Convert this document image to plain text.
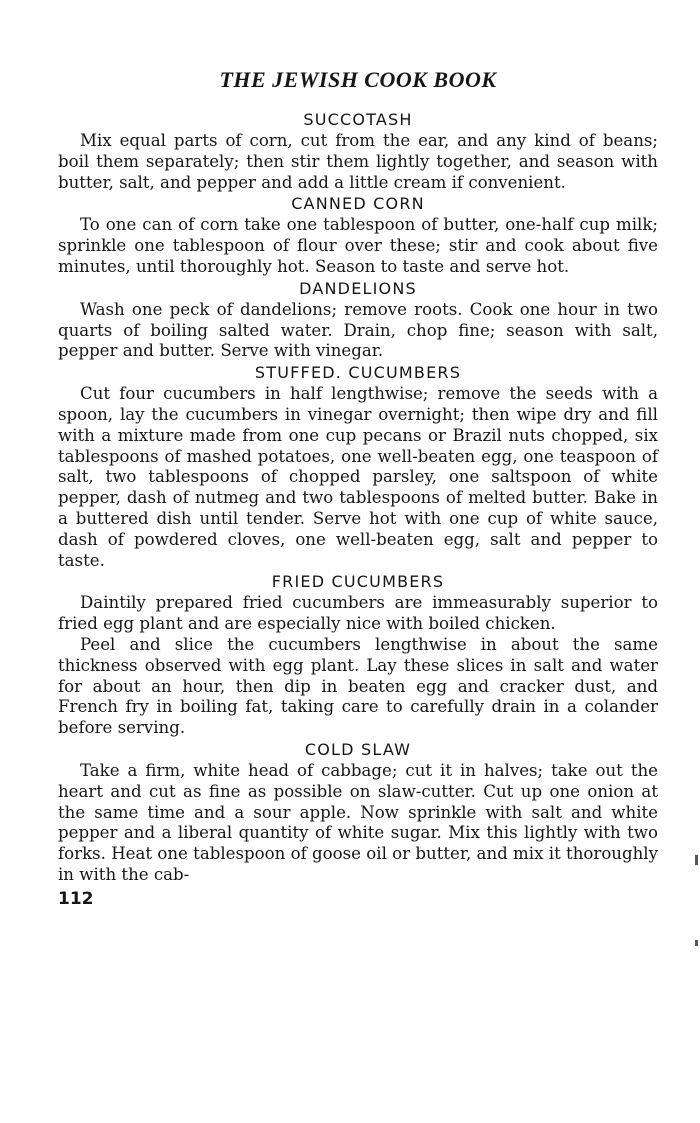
THE JEWISH COOK BOOK
SUCCOTASH

Mix equal parts of corn, cut from the ear, and any kind of beans; boil them separately; then stir them lightly together, and season with butter, salt, and pepper and add a little cream if convenient.

CANNED CORN

To one can of corn take one tablespoon of butter, one-half cup milk; sprinkle one tablespoon of flour over these; stir and cook about five minutes, until thoroughly hot. Season to taste and serve hot.

DANDELIONS

Wash one peck of dandelions; remove roots. Cook one hour in two quarts of boiling salted water. Drain, chop fine; season with salt, pepper and butter. Serve with vinegar.

STUFFED. CUCUMBERS

Cut four cucumbers in half lengthwise; remove the seeds with a spoon, lay the cucumbers in vinegar overnight; then wipe dry and fill with a mixture made from one cup pecans or Brazil nuts chopped, six tablespoons of mashed potatoes, one well-beaten egg, one teaspoon of salt, two tablespoons of chopped parsley, one saltspoon of white pepper, dash of nutmeg and two tablespoons of melted butter. Bake in a buttered dish until tender. Serve hot with one cup of white sauce, dash of powdered cloves, one well-beaten egg, salt and pepper to taste.

FRIED CUCUMBERS

Daintily prepared fried cucumbers are immeasurably superior to fried egg plant and are especially nice with boiled chicken.

Peel and slice the cucumbers lengthwise in about the same thickness observed with egg plant. Lay these slices in salt and water for about an hour, then dip in beaten egg and cracker dust, and French fry in boiling fat, taking care to carefully drain in a colander before serving.

COLD SLAW

Take a firm, white head of cabbage; cut it in halves; take out the heart and cut as fine as possible on slaw-cutter. Cut up one onion at the same time and a sour apple. Now sprinkle with salt and white pepper and a liberal quantity of white sugar. Mix this lightly with two forks. Heat one tablespoon of goose oil or butter, and mix it thoroughly in with the cab-

112
